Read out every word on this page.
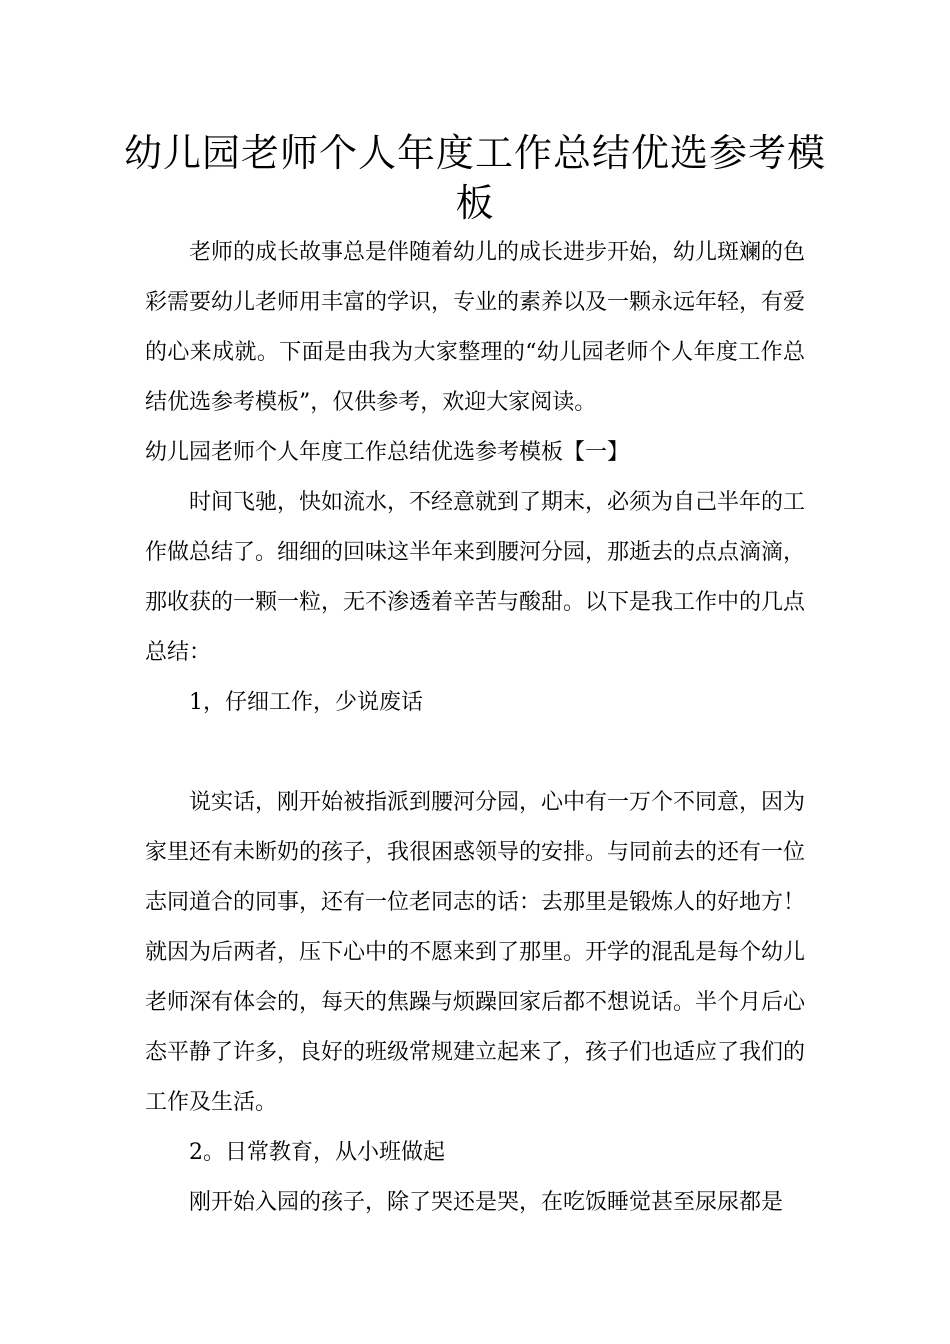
幼儿园老师个人年度工作总结优选参考模板

老师的成长故事总是伴随着幼儿的成长进步开始，幼儿斑斓的色彩需要幼儿老师用丰富的学识，专业的素养以及一颗永远年轻，有爱的心来成就。下面是由我为大家整理的“幼儿园老师个人年度工作总结优选参考模板”，仅供参考，欢迎大家阅读。

幼儿园老师个人年度工作总结优选参考模板【一】

时间飞驰，快如流水，不经意就到了期末，必须为自己半年的工作做总结了。细细的回味这半年来到腰河分园，那逝去的点点滴滴，那收获的一颗一粒，无不渗透着辛苦与酸甜。以下是我工作中的几点总结：

1，仔细工作，少说废话

说实话，刚开始被指派到腰河分园，心中有一万个不同意，因为家里还有未断奶的孩子，我很困惑领导的安排。与同前去的还有一位志同道合的同事，还有一位老同志的话：去那里是锻炼人的好地方！就因为后两者，压下心中的不愿来到了那里。开学的混乱是每个幼儿老师深有体会的，每天的焦躁与烦躁回家后都不想说话。半个月后心态平静了许多，良好的班级常规建立起来了，孩子们也适应了我们的工作及生活。

2。日常教育，从小班做起

刚开始入园的孩子，除了哭还是哭，在吃饭睡觉甚至尿尿都是
